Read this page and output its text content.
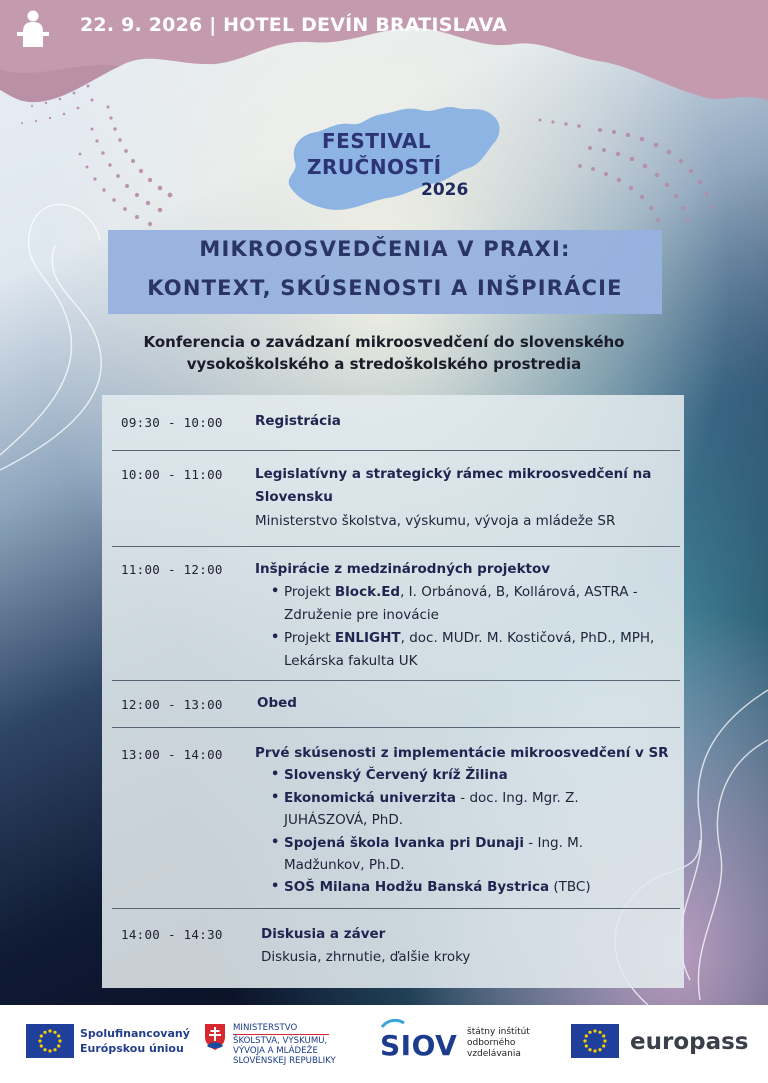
22. 9. 2026 | HOTEL DEVÍN BRATISLAVA
FESTIVAL
ZRUČNOSTÍ
2026
MIKROOSVEDČENIA V PRAXI:
KONTEXT, SKÚSENOSTI A INŠPIRÁCIE
Konferencia o zavádzaní mikroosvedčení do slovenského
vysokoškolského a stredoškolského prostredia
09:30 - 10:00 Registrácia
10:00 - 11:00 Legislatívny a strategický rámec mikroosvedčení na
Slovensku
Ministerstvo školstva, výskumu, vývoja a mládeže SR
11:00 - 12:00 Inšpirácie z medzinárodných projektov
• Projekt Block.Ed, I. Orbánová, B, Kollárová, ASTRA -
Združenie pre inovácie
• Projekt ENLIGHT, doc. MUDr. M. Kostičová, PhD., MPH,
Lekárska fakulta UK
12:00 - 13:00	Obed
13:00 - 14:00 Prvé skúsenosti z implementácie mikroosvedčení v SR
• Slovenský Červený kríž Žilina
• Ekonomická univerzita - doc. Ing. Mgr. Z.
JUHÁSZOVÁ, PhD.
• Spojená škola Ivanka pri Dunaji - Ing. M.
Madžunkov, Ph.D.
• SOŠ Milana Hodžu Banská Bystrica (TBC)
14:00 - 14:30	Diskusia a záver
Diskusia, zhrnutie, ďalšie kroky
Spolufinancovaný
Európskou úniou
MINISTERSTVO
ŠKOLSTVA, VÝSKUMU,
VÝVOJA A MLÁDEŽE
SLOVENSKEJ REPUBLIKY SIOV štátny inštitút
odborného
vzdelávania	europass
